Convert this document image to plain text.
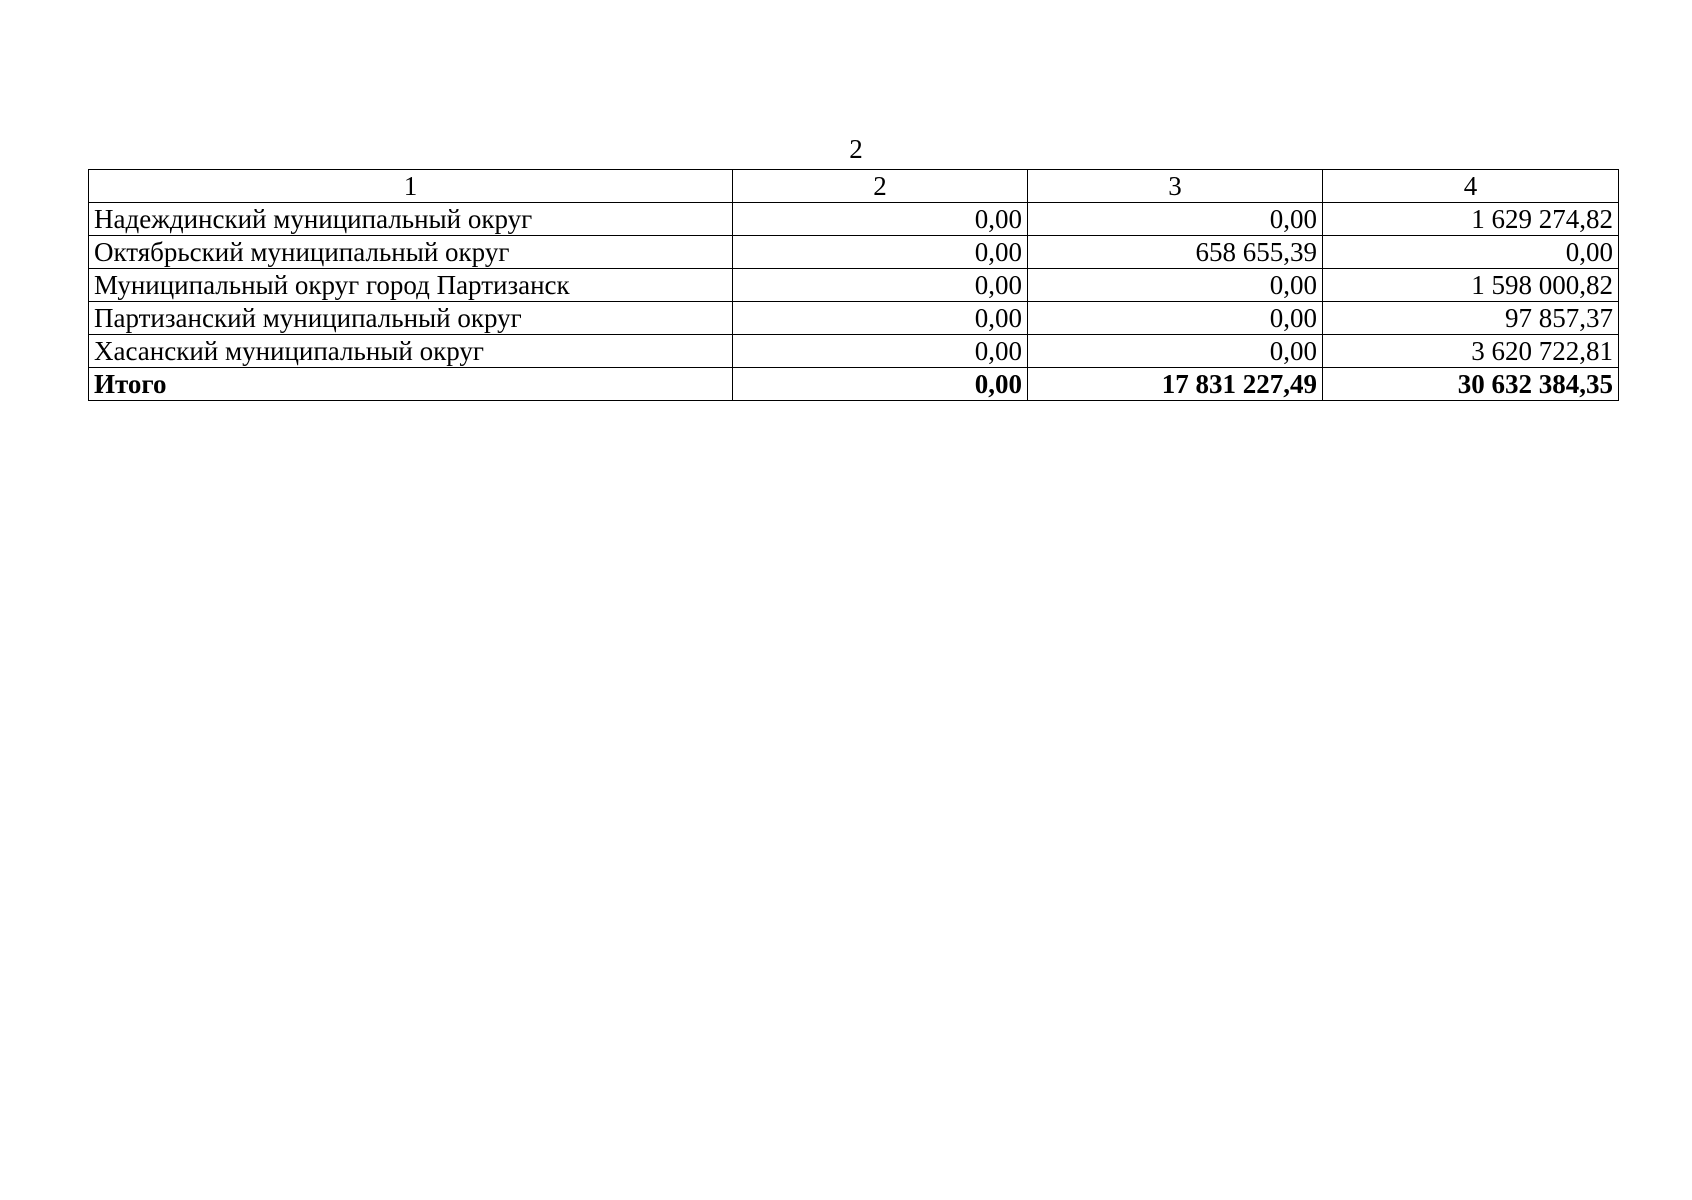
2
1	2	3	4
Надеждинский муниципальный округ	0,00	0,00	1 629 274,82
Октябрьский муниципальный округ	0,00	658 655,39	0,00
Муниципальный округ город Партизанск	0,00	0,00	1 598 000,82
Партизанский муниципальный округ	0,00	0,00	97 857,37
Хасанский муниципальный округ	0,00	0,00	3 620 722,81
Итого	0,00	17 831 227,49	30 632 384,35
